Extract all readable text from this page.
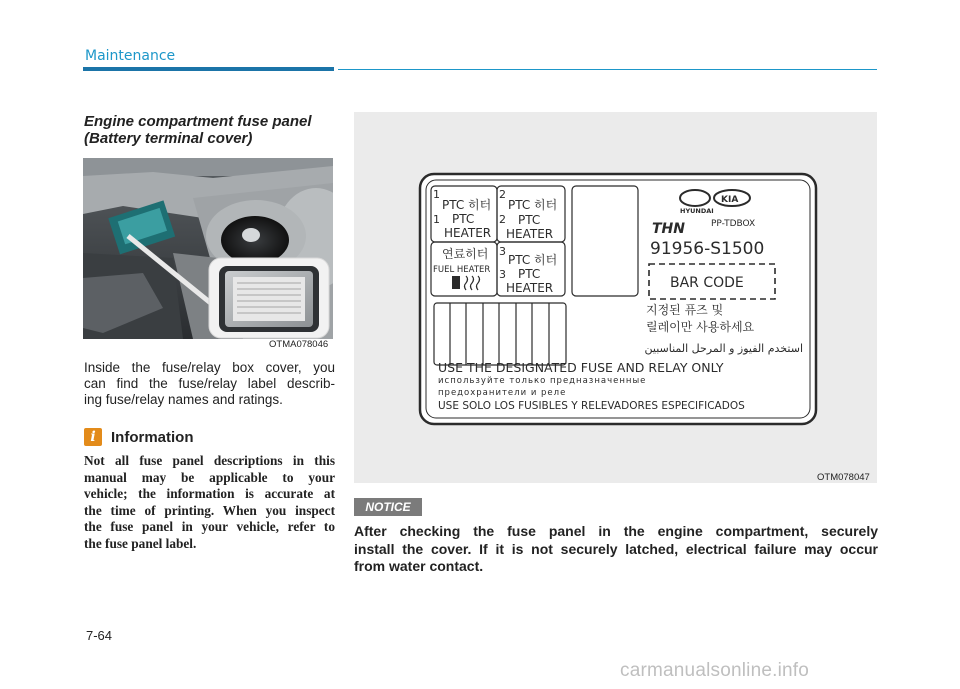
Maintenance
Engine compartment fuse panel
(Battery terminal cover)
OTMA078046
Inside the fuse/relay box cover, you
can find the fuse/relay label describ-
ing fuse/relay names and ratings.
i	Information
Not all fuse panel descriptions in this
manual may be applicable to your
vehicle; the information is accurate at
the time of printing. When you inspect
the fuse panel in your vehicle, refer to
the fuse panel label.
1
PTC 히터
1 PTC
HEATER
2
PTC 히터
2 PTC
HEATER
연료히터
FUEL HEATER
3
PTC 히터
3 PTC
HEATER
HYUNDAI
KIA
THN	PP-TDBOX
91956-S1500
BAR CODE
지정된 퓨즈 및
릴레이만 사용하세요
استخدم الفيوز و المرحل المناسبين
USE THE DESIGNATED FUSE AND RELAY ONLY
используйте только предназначенные
предохранители и реле
USE SOLO LOS FUSIBLES Y RELEVADORES ESPECIFICADOS
OTM078047
NOTICE
After checking the fuse panel in the engine compartment, securely
install the cover. If it is not securely latched, electrical failure may occur
from water contact.
7-64
carmanualsonline.info
